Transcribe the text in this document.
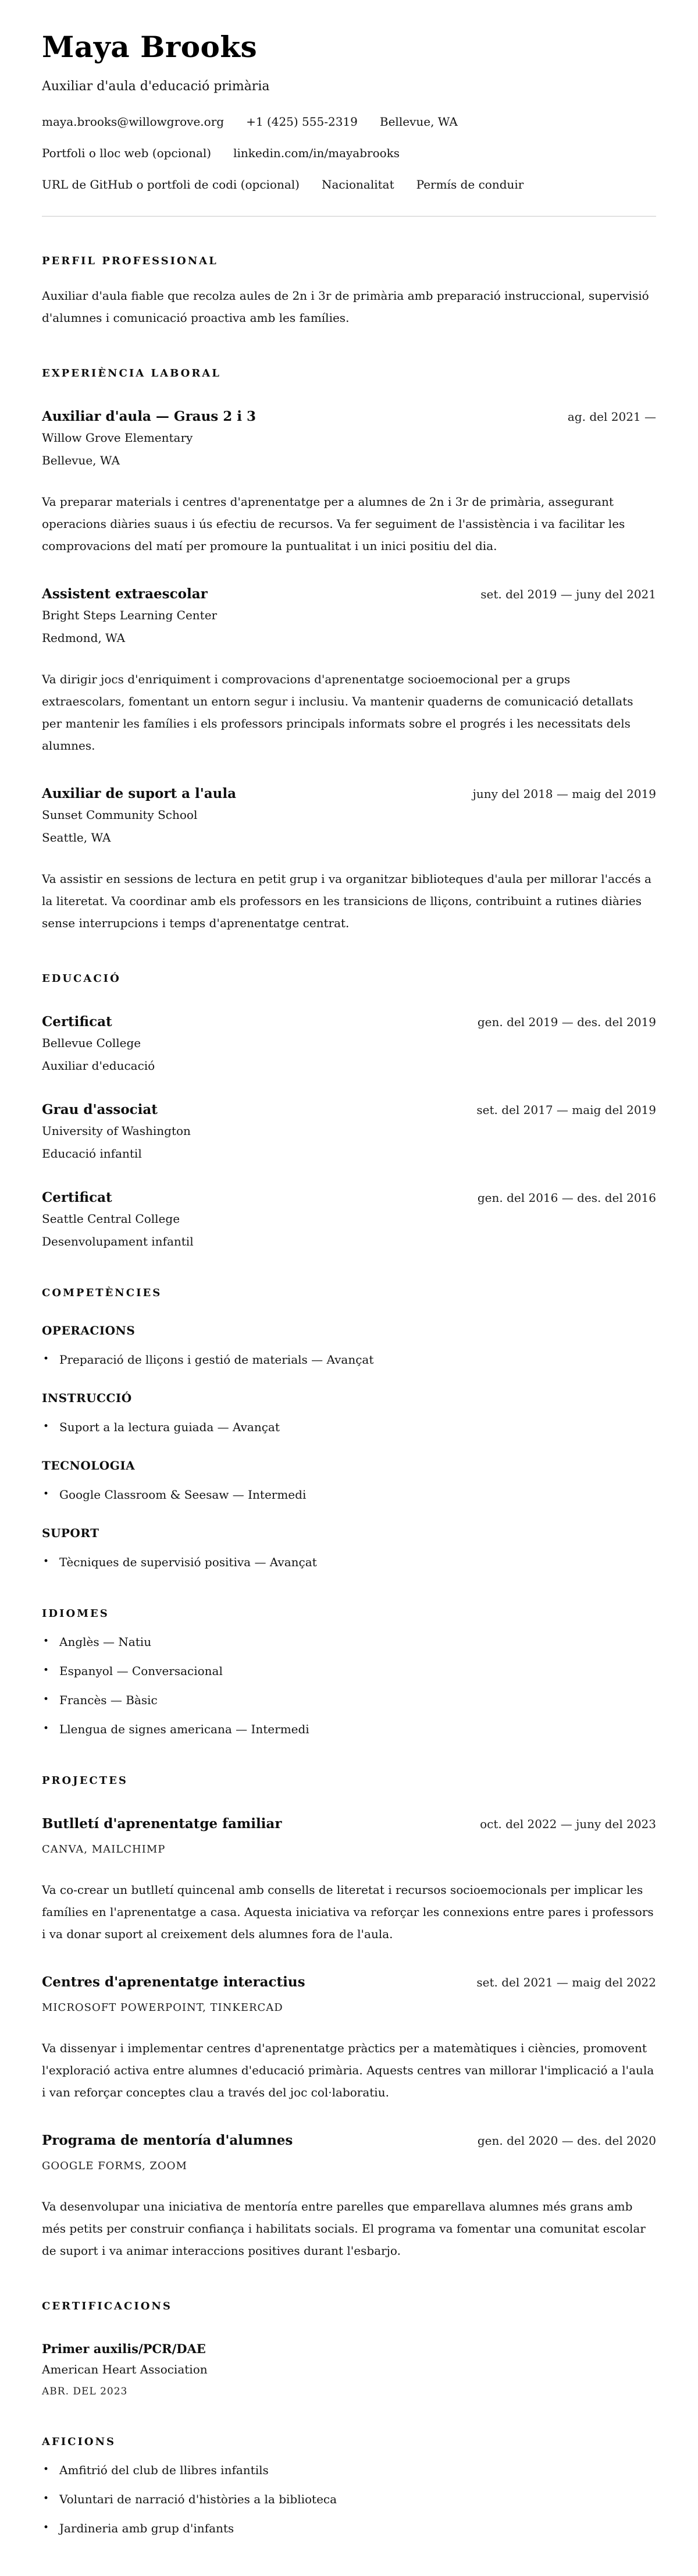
Maya Brooks
Auxiliar d'aula d'educació primària
maya.brooks@willowgrove.org +1 (425) 555-2319 Bellevue, WA
Portfoli o lloc web (opcional) linkedin.com/in/mayabrooks
URL de GitHub o portfoli de codi (opcional) Nacionalitat Permís de conduir
PERFIL PROFESSIONAL

Auxiliar d'aula fiable que recolza aules de 2n i 3r de primària amb preparació instruccional, supervisió d'alumnes i comunicació proactiva amb les famílies.

EXPERIÈNCIA LABORAL
Auxiliar d'aula — Graus 2 i 3	ag. del 2021 —
Willow Grove Elementary
Bellevue, WA

Va preparar materials i centres d'aprenentatge per a alumnes de 2n i 3r de primària, assegurant operacions diàries suaus i ús efectiu de recursos. Va fer seguiment de l'assistència i va facilitar les comprovacions del matí per promoure la puntualitat i un inici positiu del dia.

Assistent extraescolar	set. del 2019 — juny del 2021
Bright Steps Learning Center
Redmond, WA

Va dirigir jocs d'enriquiment i comprovacions d'aprenentatge socioemocional per a grups extraescolars, fomentant un entorn segur i inclusiu. Va mantenir quaderns de comunicació detallats per mantenir les famílies i els professors principals informats sobre el progrés i les necessitats dels alumnes.

Auxiliar de suport a l'aula	juny del 2018 — maig del 2019
Sunset Community School
Seattle, WA

Va assistir en sessions de lectura en petit grup i va organitzar biblioteques d'aula per millorar l'accés a la literetat. Va coordinar amb els professors en les transicions de lliçons, contribuint a rutines diàries sense interrupcions i temps d'aprenentatge centrat.

EDUCACIÓ
Certificat	gen. del 2019 — des. del 2019
Bellevue College
Auxiliar d'educació
Grau d'associat	set. del 2017 — maig del 2019
University of Washington
Educació infantil
Certificat	gen. del 2016 — des. del 2016
Seattle Central College
Desenvolupament infantil
COMPETÈNCIES
OPERACIONS
• Preparació de lliçons i gestió de materials — Avançat
INSTRUCCIÓ
• Suport a la lectura guiada — Avançat
TECNOLOGIA
• Google Classroom & Seesaw — Intermedi
SUPORT
• Tècniques de supervisió positiva — Avançat
IDIOMES
• Anglès — Natiu
• Espanyol — Conversacional
• Francès — Bàsic
• Llengua de signes americana — Intermedi
PROJECTES
Butlletí d'aprenentatge familiar	oct. del 2022 — juny del 2023
CANVA, MAILCHIMP

Va co-crear un butlletí quincenal amb consells de literetat i recursos socioemocionals per implicar les famílies en l'aprenentatge a casa. Aquesta iniciativa va reforçar les connexions entre pares i professors i va donar suport al creixement dels alumnes fora de l'aula.

Centres d'aprenentatge interactius	set. del 2021 — maig del 2022
MICROSOFT POWERPOINT, TINKERCAD

Va dissenyar i implementar centres d'aprenentatge pràctics per a matemàtiques i ciències, promovent l'exploració activa entre alumnes d'educació primària. Aquests centres van millorar l'implicació a l'aula i van reforçar conceptes clau a través del joc col·laboratiu.

Programa de mentoría d'alumnes	gen. del 2020 — des. del 2020
GOOGLE FORMS, ZOOM

Va desenvolupar una iniciativa de mentoría entre parelles que emparellava alumnes més grans amb més petits per construir confiança i habilitats socials. El programa va fomentar una comunitat escolar de suport i va animar interaccions positives durant l'esbarjo.

CERTIFICACIONS
Primer auxilis/PCR/DAE
American Heart Association
ABR. DEL 2023
AFICIONS
• Amfitrió del club de llibres infantils
• Voluntari de narració d'històries a la biblioteca
• Jardineria amb grup d'infants
